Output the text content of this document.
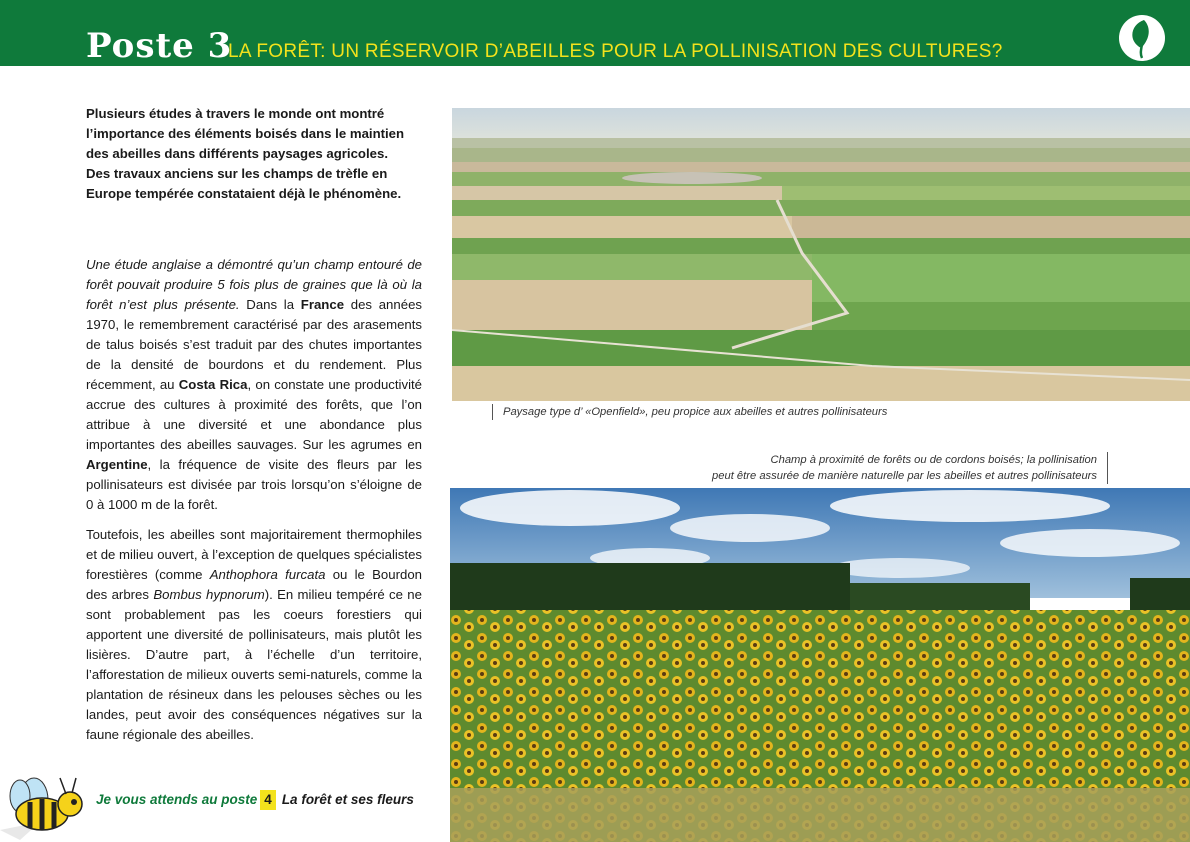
Poste 3
LA FORÊT: UN RÉSERVOIR D’ABEILLES POUR LA POLLINISATION DES CULTURES?
Plusieurs études à travers le monde ont montré l’importance des éléments boisés dans le maintien des abeilles dans différents paysages agricoles. Des travaux anciens sur les champs de trèfle en Europe tempérée constataient déjà le phénomène.

Une étude anglaise a démontré qu’un champ entouré de forêt pouvait produire 5 fois plus de graines que là où la forêt n’est plus présente. Dans la France des années 1970, le remembrement caractérisé par des arasements de talus boisés s’est traduit par des chutes importantes de la densité de bourdons et du rendement. Plus récemment, au Costa Rica, on constate une productivité accrue des cultures à proximité des forêts, que l’on attribue à une diversité et une abondance plus importantes des abeilles sauvages. Sur les agrumes en Argentine, la fréquence de visite des fleurs par les pollinisateurs est divisée par trois lorsqu’on s’éloigne de 0 à 1000 m de la forêt.

Toutefois, les abeilles sont majoritairement thermophiles et de milieu ouvert, à l’exception de quelques spécialistes forestières (comme Anthophora furcata ou le Bourdon des arbres Bombus hypnorum). En milieu tempéré ce ne sont probablement pas les coeurs forestiers qui apportent une diversité de pollinisateurs, mais plutôt les lisières. D’autre part, à l’échelle d’un territoire, l’afforestation de milieux ouverts semi-naturels, comme la plantation de résineux dans les pelouses sèches ou les landes, peut avoir des conséquences négatives sur la faune régionale des abeilles.

Paysage type d’ «Openfield», peu propice aux abeilles et autres pollinisateurs
Champ à proximité de forêts ou de cordons boisés; la pollinisation
peut être assurée de manière naturelle par les abeilles et autres pollinisateurs
Je vous attends au poste 4 La forêt et ses fleurs
